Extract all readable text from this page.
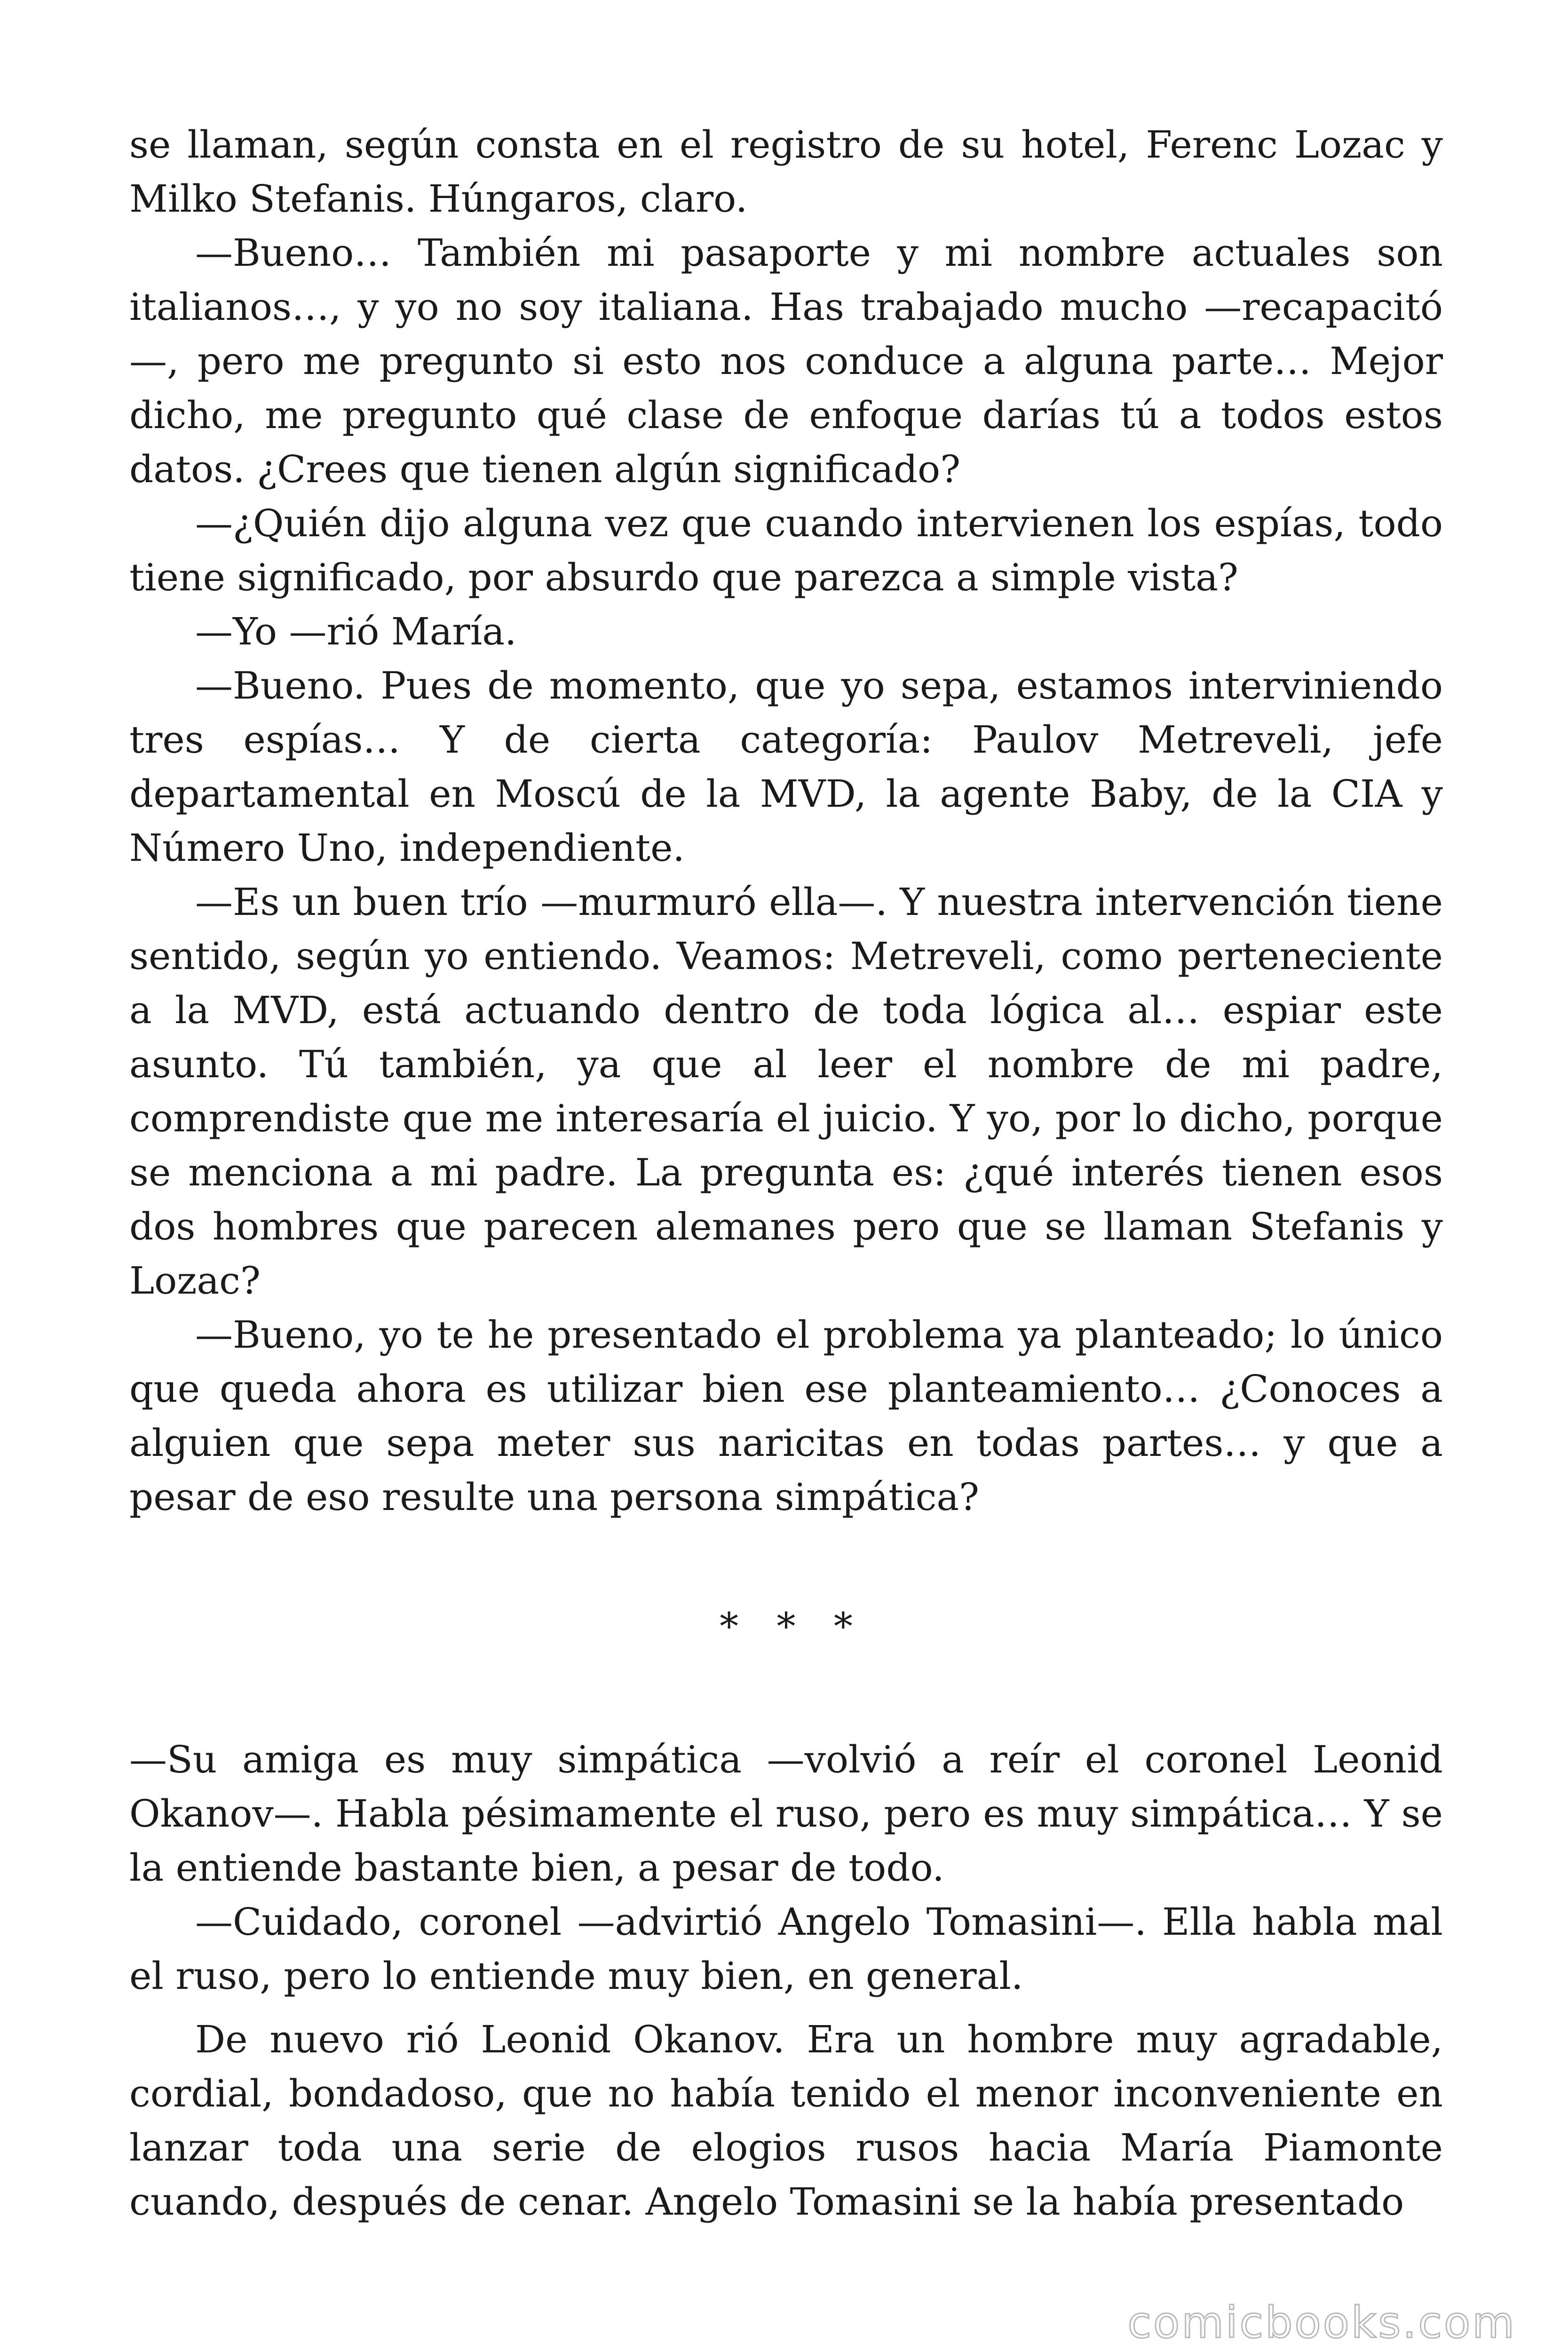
se llaman, según consta en el registro de su hotel, Ferenc Lozac y Milko Stefanis. Húngaros, claro.

—Bueno… También mi pasaporte y mi nombre actuales son italianos…, y yo no soy italiana. Has trabajado mucho —recapacitó —, pero me pregunto si esto nos conduce a alguna parte… Mejor dicho, me pregunto qué clase de enfoque darías tú a todos estos datos. ¿Crees que tienen algún significado?

—¿Quién dijo alguna vez que cuando intervienen los espías, todo tiene significado, por absurdo que parezca a simple vista?

—Yo —rió María.

—Bueno. Pues de momento, que yo sepa, estamos interviniendo tres espías… Y de cierta categoría: Paulov Metreveli, jefe departamental en Moscú de la MVD, la agente Baby, de la CIA y Número Uno, independiente.

—Es un buen trío —murmuró ella—. Y nuestra intervención tiene sentido, según yo entiendo. Veamos: Metreveli, como perteneciente a la MVD, está actuando dentro de toda lógica al… espiar este asunto. Tú también, ya que al leer el nombre de mi padre, comprendiste que me interesaría el juicio. Y yo, por lo dicho, porque se menciona a mi padre. La pregunta es: ¿qué interés tienen esos dos hombres que parecen alemanes pero que se llaman Stefanis y Lozac?

—Bueno, yo te he presentado el problema ya planteado; lo único que queda ahora es utilizar bien ese planteamiento… ¿Conoces a alguien que sepa meter sus naricitas en todas partes… y que a pesar de eso resulte una persona simpática?

* * *

—Su amiga es muy simpática —volvió a reír el coronel Leonid Okanov—. Habla pésimamente el ruso, pero es muy simpática… Y se la entiende bastante bien, a pesar de todo.

—Cuidado, coronel —advirtió Angelo Tomasini—. Ella habla mal el ruso, pero lo entiende muy bien, en general.

De nuevo rió Leonid Okanov. Era un hombre muy agradable, cordial, bondadoso, que no había tenido el menor inconveniente en lanzar toda una serie de elogios rusos hacia María Piamonte cuando, después de cenar. Angelo Tomasini se la había presentado

comicbooks.com
